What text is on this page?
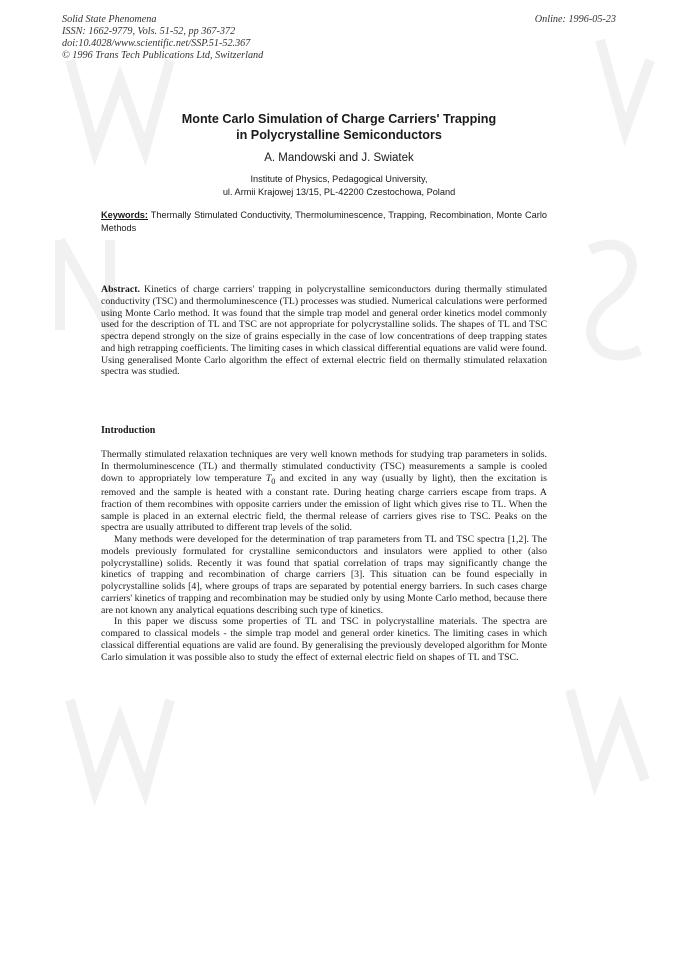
Solid State Phenomena
ISSN: 1662-9779, Vols. 51-52, pp 367-372
doi:10.4028/www.scientific.net/SSP.51-52.367
© 1996 Trans Tech Publications Ltd, Switzerland
Online: 1996-05-23
Monte Carlo Simulation of Charge Carriers' Trapping
in Polycrystalline Semiconductors
A. Mandowski and J. Swiatek
Institute of Physics, Pedagogical University,
ul. Armii Krajowej 13/15, PL-42200 Czestochowa, Poland
Keywords: Thermally Stimulated Conductivity, Thermoluminescence, Trapping, Recombination, Monte Carlo Methods
Abstract. Kinetics of charge carriers' trapping in polycrystalline semiconductors during thermally stimulated conductivity (TSC) and thermoluminescence (TL) processes was studied. Numerical calculations were performed using Monte Carlo method. It was found that the simple trap model and general order kinetics model commonly used for the description of TL and TSC are not appropriate for polycrystalline solids. The shapes of TL and TSC spectra depend strongly on the size of grains especially in the case of low concentrations of deep trapping states and high retrapping coefficients. The limiting cases in which classical differential equations are valid were found. Using generalised Monte Carlo algorithm the effect of external electric field on thermally stimulated relaxation spectra was studied.
Introduction

Thermally stimulated relaxation techniques are very well known methods for studying trap parameters in solids. In thermoluminescence (TL) and thermally stimulated conductivity (TSC) measurements a sample is cooled down to appropriately low temperature $T_0$ and excited in any way (usually by light), then the excitation is removed and the sample is heated with a constant rate. During heating charge carriers escape from traps. A fraction of them recombines with opposite carriers under the emission of light which gives rise to TL. When the sample is placed in an external electric field, the thermal release of carriers gives rise to TSC. Peaks on the spectra are usually attributed to different trap levels of the solid.

Many methods were developed for the determination of trap parameters from TL and TSC spectra [1,2]. The models previously formulated for crystalline semiconductors and insulators were applied to other (also polycrystalline) solids. Recently it was found that spatial correlation of traps may significantly change the kinetics of trapping and recombination of charge carriers [3]. This situation can be found especially in polycrystalline solids [4], where groups of traps are separated by potential energy barriers. In such cases charge carriers' kinetics of trapping and recombination may be studied only by using Monte Carlo method, because there are not known any analytical equations describing such type of kinetics.

In this paper we discuss some properties of TL and TSC in polycrystalline materials. The spectra are compared to classical models - the simple trap model and general order kinetics. The limiting cases in which classical differential equations are valid are found. By generalising the previously developed algorithm for Monte Carlo simulation it was possible also to study the effect of external electric field on shapes of TL and TSC.
